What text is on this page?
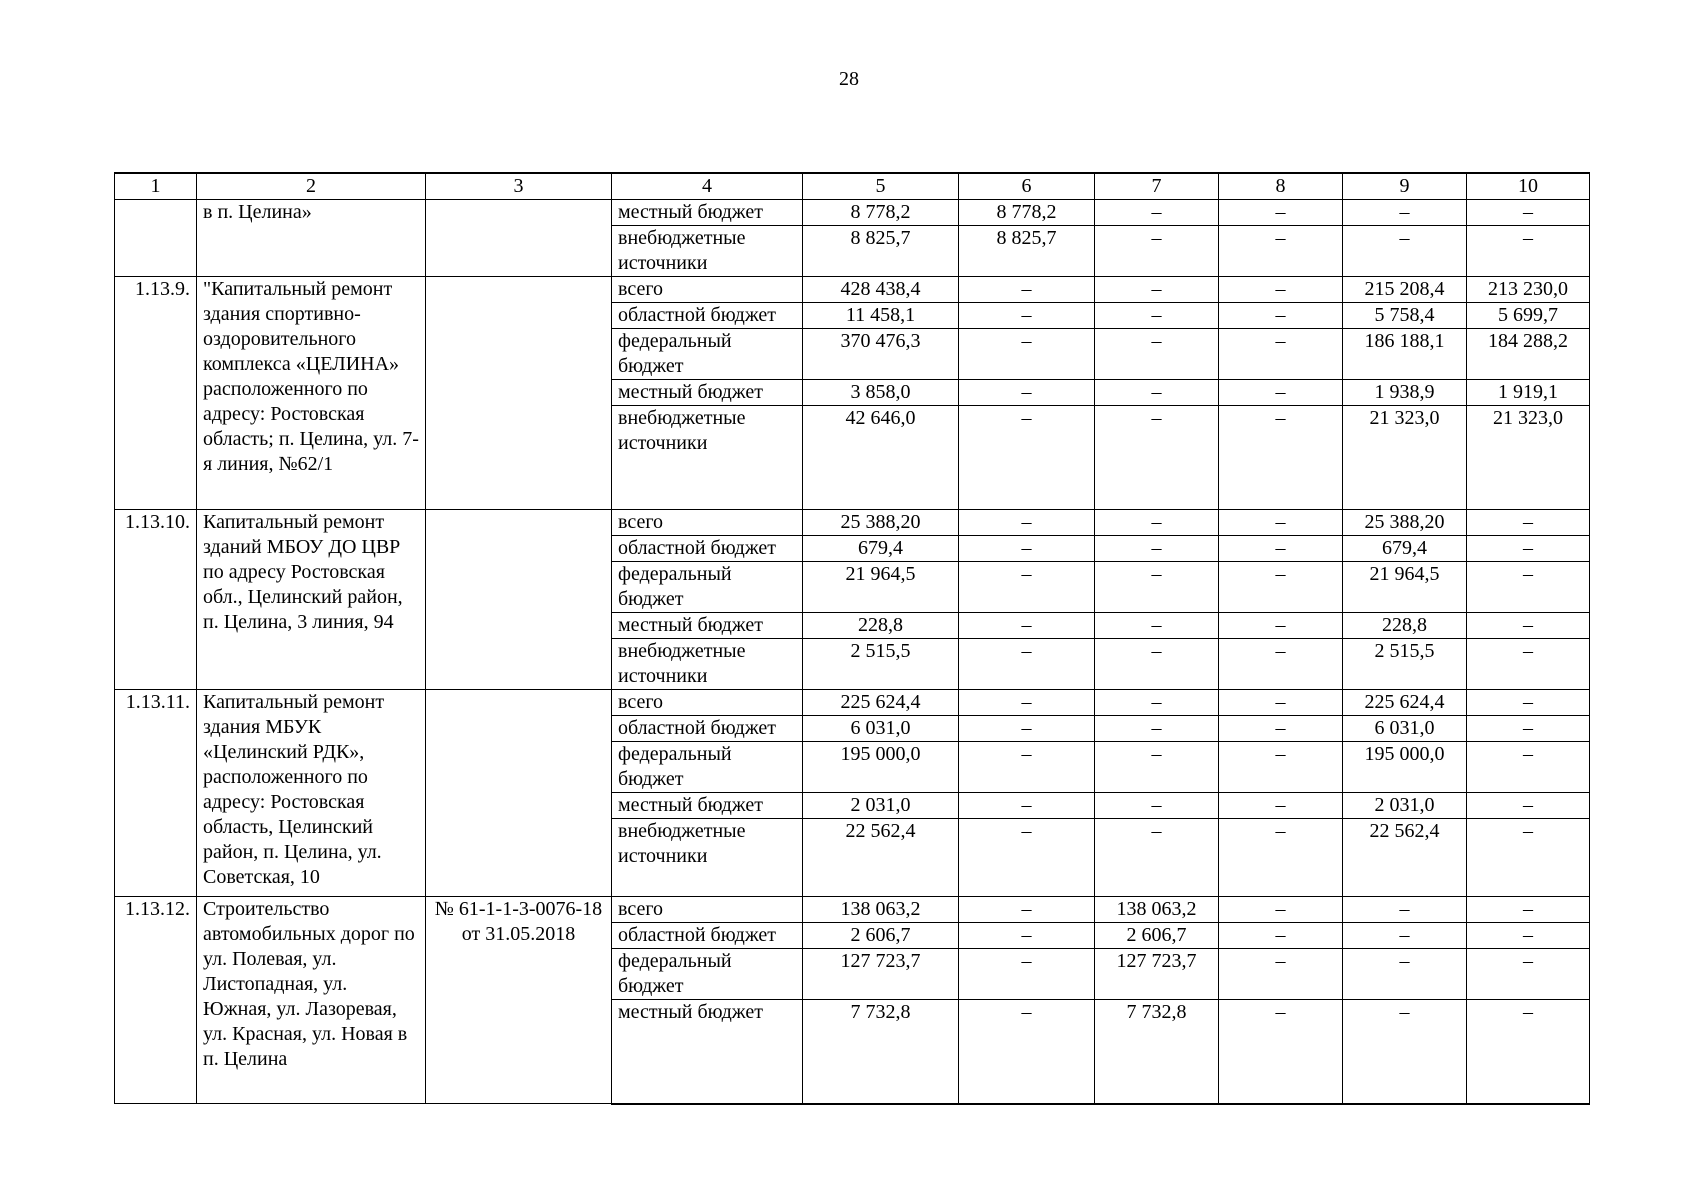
28
1	2	3	4	5	6	7	8	9	10
	в п. Целина»		местный бюджет	8 778,2	8 778,2	–	–	–	–
			внебюджетные источники	8 825,7	8 825,7	–	–	–	–
1.13.9.	"Капитальный ремонт здания спортивно-оздоровительного комплекса «ЦЕЛИНА» расположенного по адресу: Ростовская область; п. Целина, ул. 7-я линия, №62/1		всего	428 438,4	–	–	–	215 208,4	213 230,0
			областной бюджет	11 458,1	–	–	–	5 758,4	5 699,7
			федеральный бюджет	370 476,3	–	–	–	186 188,1	184 288,2
			местный бюджет	3 858,0	–	–	–	1 938,9	1 919,1
			внебюджетные источники	42 646,0	–	–	–	21 323,0	21 323,0
1.13.10.	Капитальный ремонт зданий МБОУ ДО ЦВР по адресу Ростовская обл., Целинский район, п. Целина, 3 линия, 94		всего	25 388,20	–	–	–	25 388,20	–
			областной бюджет	679,4	–	–	–	679,4	–
			федеральный бюджет	21 964,5	–	–	–	21 964,5	–
			местный бюджет	228,8	–	–	–	228,8	–
			внебюджетные источники	2 515,5	–	–	–	2 515,5	–
1.13.11.	Капитальный ремонт здания МБУК «Целинский РДК», расположенного по адресу: Ростовская область, Целинский район, п. Целина, ул. Советская, 10		всего	225 624,4	–	–	–	225 624,4	–
			областной бюджет	6 031,0	–	–	–	6 031,0	–
			федеральный бюджет	195 000,0	–	–	–	195 000,0	–
			местный бюджет	2 031,0	–	–	–	2 031,0	–
			внебюджетные источники	22 562,4	–	–	–	22 562,4	–
1.13.12.	Строительство автомобильных дорог по ул. Полевая, ул. Листопадная, ул. Южная, ул. Лазоревая, ул. Красная, ул. Новая в п. Целина	№ 61-1-1-3-0076-18 от 31.05.2018	всего	138 063,2	–	138 063,2	–	–	–
			областной бюджет	2 606,7	–	2 606,7	–	–	–
			федеральный бюджет	127 723,7	–	127 723,7	–	–	–
			местный бюджет	7 732,8	–	7 732,8	–	–	–
